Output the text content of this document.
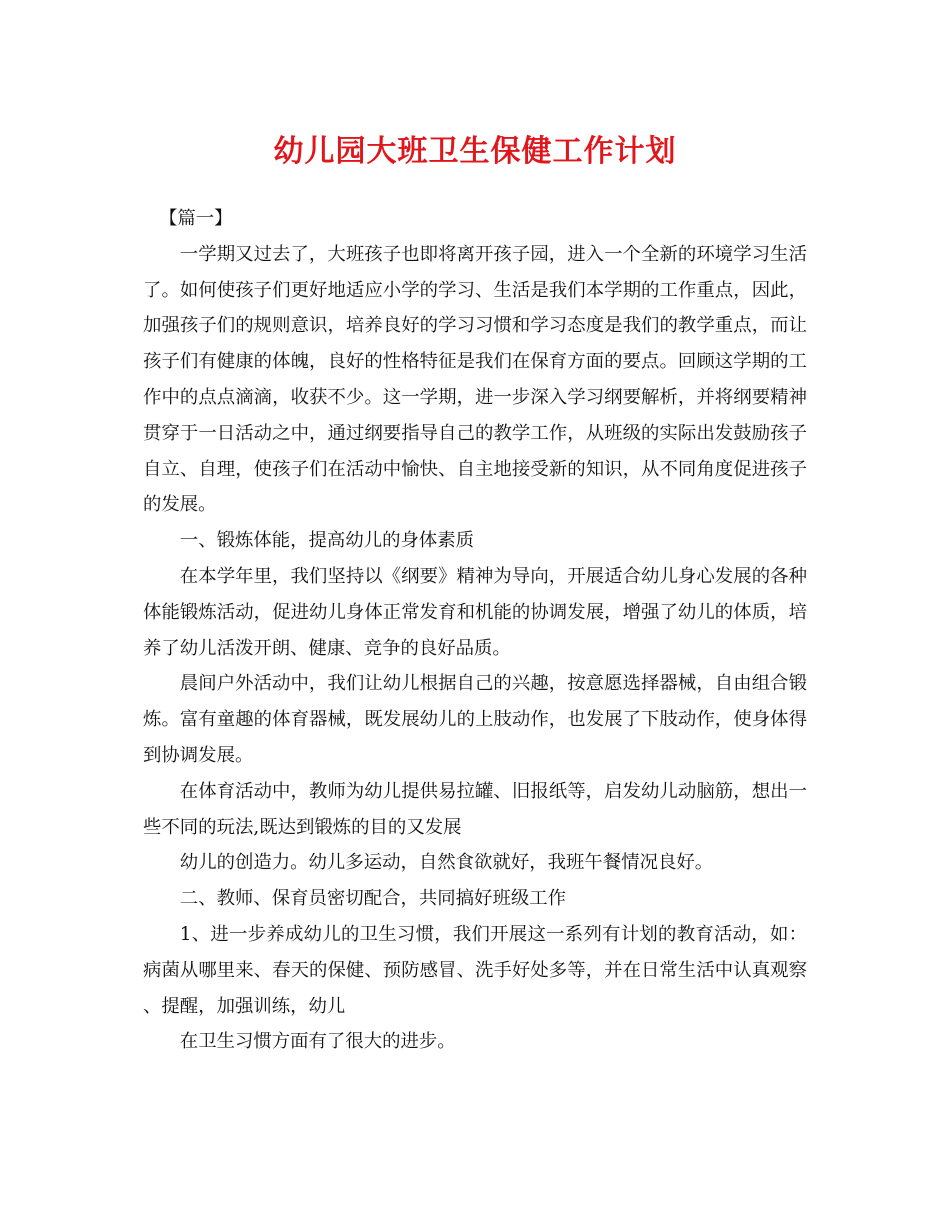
幼儿园大班卫生保健工作计划

【篇一】

一学期又过去了，大班孩子也即将离开孩子园，进入一个全新的环境学习生活了。如何使孩子们更好地适应小学的学习、生活是我们本学期的工作重点，因此，加强孩子们的规则意识，培养良好的学习习惯和学习态度是我们的教学重点，而让孩子们有健康的体魄，良好的性格特征是我们在保育方面的要点。回顾这学期的工作中的点点滴滴，收获不少。这一学期，进一步深入学习纲要解析，并将纲要精神贯穿于一日活动之中，通过纲要指导自己的教学工作，从班级的实际出发鼓励孩子自立、自理，使孩子们在活动中愉快、自主地接受新的知识，从不同角度促进孩子的发展。

一、锻炼体能，提高幼儿的身体素质

在本学年里，我们坚持以《纲要》精神为导向，开展适合幼儿身心发展的各种体能锻炼活动，促进幼儿身体正常发育和机能的协调发展，增强了幼儿的体质，培养了幼儿活泼开朗、健康、竞争的良好品质。

晨间户外活动中，我们让幼儿根据自己的兴趣，按意愿选择器械，自由组合锻炼。富有童趣的体育器械，既发展幼儿的上肢动作，也发展了下肢动作，使身体得到协调发展。

在体育活动中，教师为幼儿提供易拉罐、旧报纸等，启发幼儿动脑筋，想出一些不同的玩法,既达到锻炼的目的又发展

幼儿的创造力。幼儿多运动，自然食欲就好，我班午餐情况良好。

二、教师、保育员密切配合，共同搞好班级工作

1、进一步养成幼儿的卫生习惯，我们开展这一系列有计划的教育活动，如：病菌从哪里来、春天的保健、预防感冒、洗手好处多等，并在日常生活中认真观察、提醒，加强训练，幼儿

在卫生习惯方面有了很大的进步。
